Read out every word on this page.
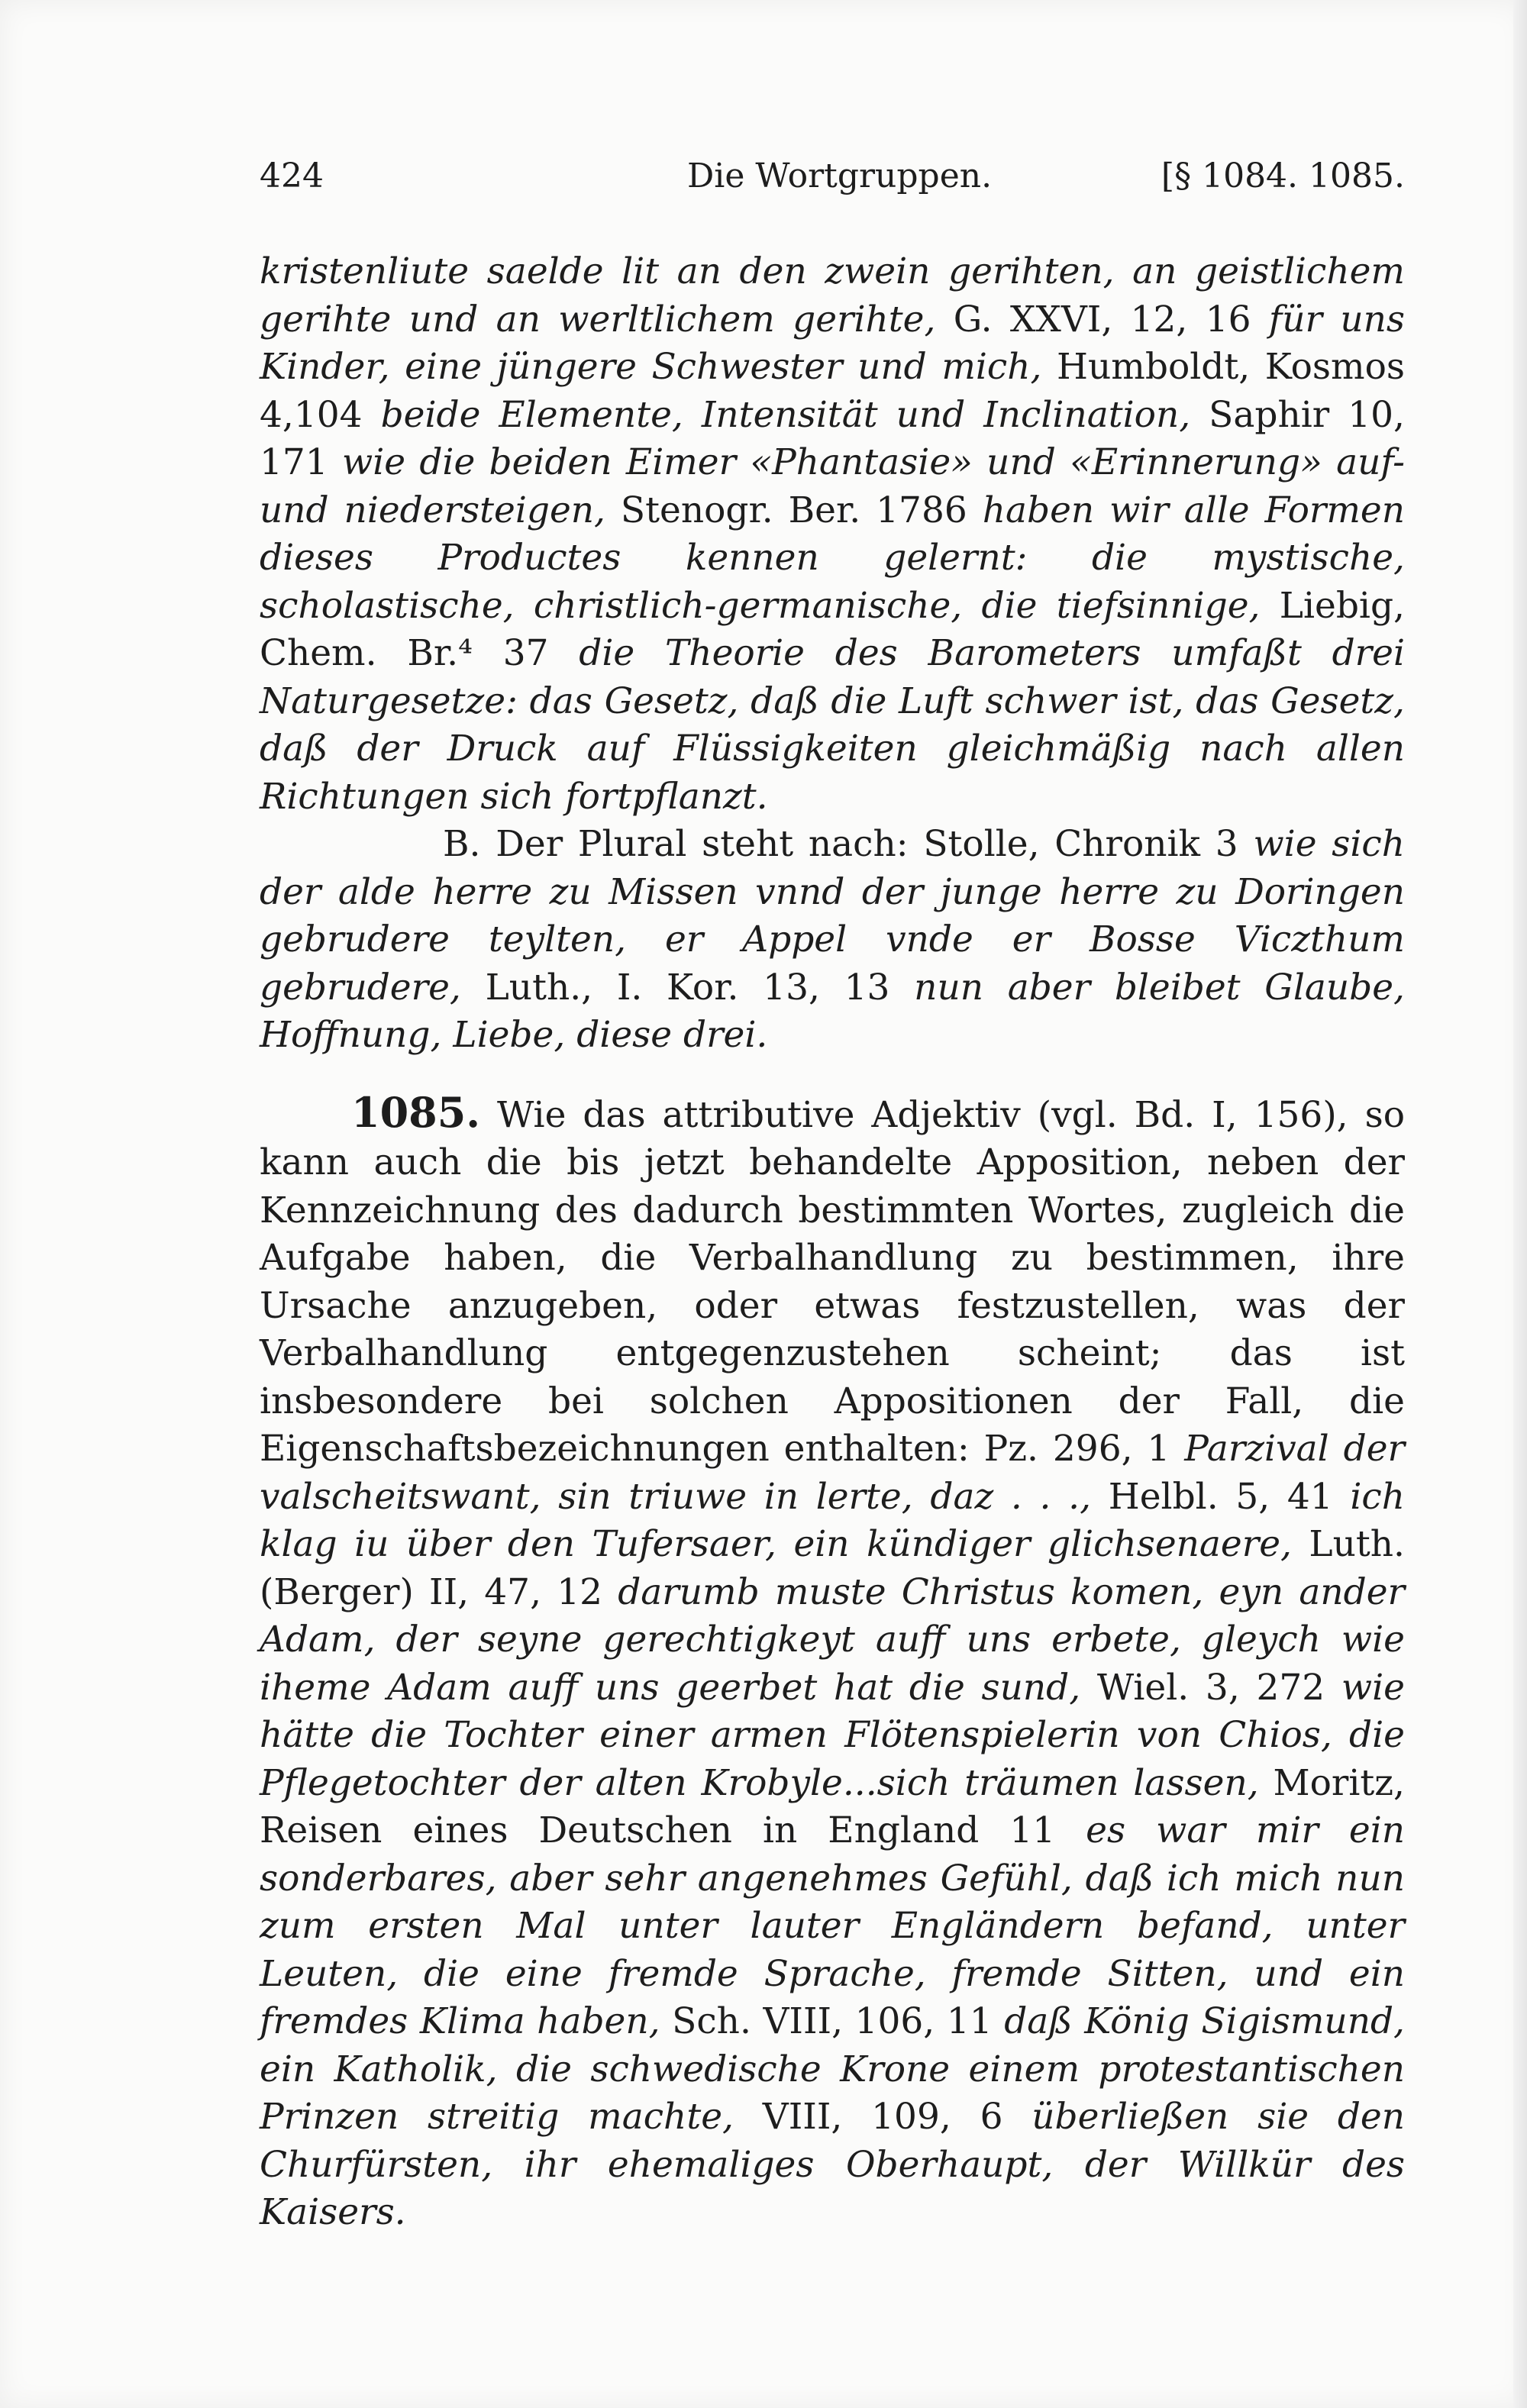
424	Die Wortgruppen.	[§ 1084. 1085.

kristenliute saelde lit an den zwein gerihten, an geistlichem gerihte und an werltlichem gerihte, G. XXVI, 12, 16 für uns Kinder, eine jüngere Schwester und mich, Humboldt, Kosmos 4,104 beide Elemente, Intensität und Inclination, Saphir 10, 171 wie die beiden Eimer «Phantasie» und «Erinnerung» auf- und niedersteigen, Stenogr. Ber. 1786 haben wir alle Formen dieses Productes kennen gelernt: die mystische, scholastische, christlich-germanische, die tiefsinnige, Liebig, Chem. Br.⁴ 37 die Theorie des Barometers umfaßt drei Naturgesetze: das Gesetz, daß die Luft schwer ist, das Gesetz, daß der Druck auf Flüssigkeiten gleichmäßig nach allen Richtungen sich fortpflanzt.

B. Der Plural steht nach: Stolle, Chronik 3 wie sich der alde herre zu Missen vnnd der junge herre zu Doringen gebrudere teylten, er Appel vnde er Bosse Viczthum gebrudere, Luth., I. Kor. 13, 13 nun aber bleibet Glaube, Hoffnung, Liebe, diese drei.

1085. Wie das attributive Adjektiv (vgl. Bd. I, 156), so kann auch die bis jetzt behandelte Apposition, neben der Kennzeichnung des dadurch bestimmten Wortes, zugleich die Aufgabe haben, die Verbalhandlung zu bestimmen, ihre Ursache anzugeben, oder etwas festzustellen, was der Verbalhandlung entgegenzustehen scheint; das ist insbesondere bei solchen Appositionen der Fall, die Eigenschaftsbezeichnungen enthalten: Pz. 296, 1 Parzival der valscheitswant, sin triuwe in lerte, daz . . ., Helbl. 5, 41 ich klag iu über den Tufersaer, ein kündiger glichsenaere, Luth. (Berger) II, 47, 12 darumb muste Christus komen, eyn ander Adam, der seyne gerechtigkeyt auff uns erbete, gleych wie iheme Adam auff uns geerbet hat die sund, Wiel. 3, 272 wie hätte die Tochter einer armen Flötenspielerin von Chios, die Pflegetochter der alten Krobyle...sich träumen lassen, Moritz, Reisen eines Deutschen in England 11 es war mir ein sonderbares, aber sehr angenehmes Gefühl, daß ich mich nun zum ersten Mal unter lauter Engländern befand, unter Leuten, die eine fremde Sprache, fremde Sitten, und ein fremdes Klima haben, Sch. VIII, 106, 11 daß König Sigismund, ein Katholik, die schwedische Krone einem protestantischen Prinzen streitig machte, VIII, 109, 6 überließen sie den Churfürsten, ihr ehemaliges Oberhaupt, der Willkür des Kaisers.
